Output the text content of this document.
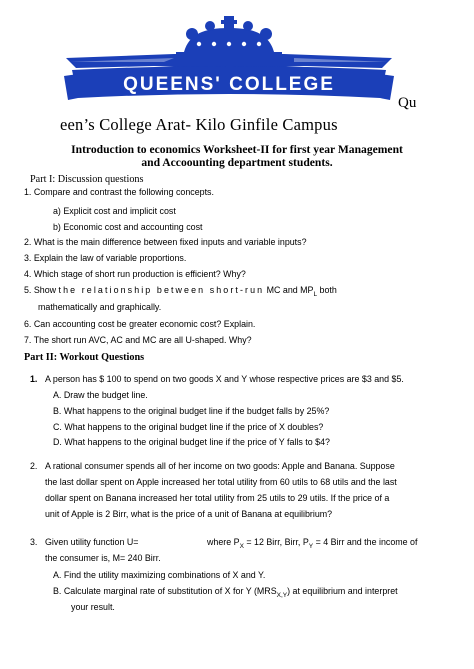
QUEENS' COLLEGE
Qu
een’s College Arat- Kilo Ginfile Campus
Introduction to economics Worksheet-II for first year Management
and Accoounting department students.
Part I: Discussion questions
1. Compare and contrast the following concepts.
a) Explicit cost and implicit cost
b) Economic cost and accounting cost
2. What is the main difference between fixed inputs and variable inputs?
3. Explain the law of variable proportions.
4. Which stage of short run production is efficient? Why?
5. Show the relationship between short-run MC and $MP_L$ both
mathematically and graphically.
6. Can accounting cost be greater economic cost? Explain.
7. The short run AVC, AC and MC are all U-shaped. Why?
Part II: Workout Questions
1. A person has $ 100 to spend on two goods X and Y whose respective prices are $3 and $5.
A. Draw the budget line.
B. What happens to the original budget line if the budget falls by 25%?
C. What happens to the original budget line if the price of X doubles?
D. What happens to the original budget line if the price of Y falls to $4?
2. A rational consumer spends all of her income on two goods: Apple and Banana. Suppose
the last dollar spent on Apple increased her total utility from 60 utils to 68 utils and the last
dollar spent on Banana increased her total utility from 25 utils to 29 utils. If the price of a
unit of Apple is 2 Birr, what is the price of a unit of Banana at equilibrium?
3. Given utility function U=	where $P_X = 12$ Birr, Birr, $P_Y = 4$ Birr and the income of
the consumer is, M= 240 Birr.
A. Find the utility maximizing combinations of X and Y.
B. Calculate marginal rate of substitution of X for Y $(MRS_{X,Y})$ at equilibrium and interpret
your result.
